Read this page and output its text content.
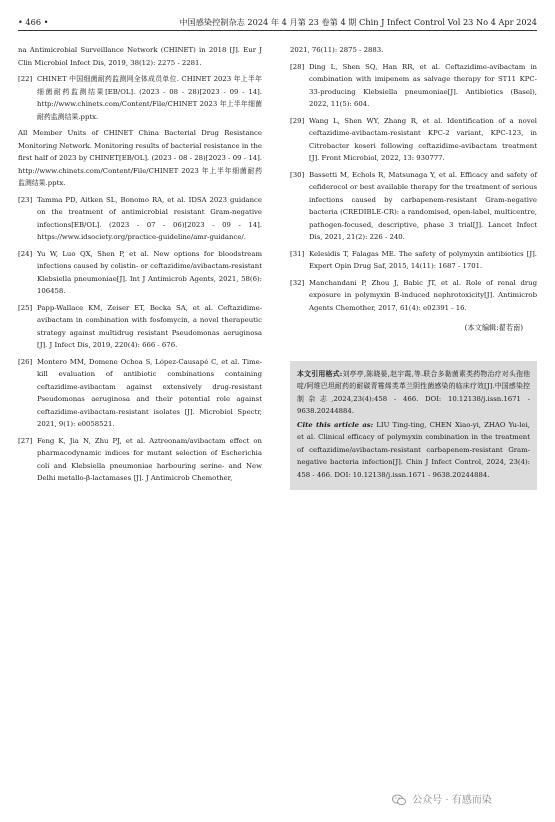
• 466 •	中国感染控制杂志 2024 年 4 月第 23 卷第 4 期 Chin J Infect Control Vol 23 No 4 Apr 2024
na Antimicrobial Surveillance Network (CHINET) in 2018 [J]. Eur J Clin Microbiol Infect Dis, 2019, 38(12): 2275 - 2281.
[22] CHINET 中国细菌耐药监测网全体成员单位. CHINET 2023 年上半年细菌耐药监测结果[EB/OL]. (2023 - 08 - 28)[2023 - 09 - 14]. http://www.chinets.com/Content/File/CHINET 2023 年上半年细菌耐药监测结果.pptx.
All Member Units of CHINET China Bacterial Drug Resistance Monitoring Network. Monitoring results of bacterial resistance in the first half of 2023 by CHINET[EB/OL]. (2023 - 08 - 28)[2023 - 09 - 14]. http://www.chinets.com/Content/File/CHINET 2023 年上半年细菌耐药监测结果.pptx.
[23] Tamma PD, Aitken SL, Bonomo RA, et al. IDSA 2023 guidance on the treatment of antimicrobial resistant Gram-negative infections[EB/OL]. (2023 - 07 - 06)[2023 - 09 - 14]. https://www.idsociety.org/practice-guideline/amr-guidance/.
[24] Yu W, Luo QX, Shen P, et al. New options for bloodstream infections caused by colistin- or ceftazidime/avibactam-resistant Klebsiella pneumoniae[J]. Int J Antimicrob Agents, 2021, 58(6): 106458.
[25] Papp-Wallace KM, Zeiser ET, Becka SA, et al. Ceftazidime-avibactam in combination with fosfomycin, a novel therapeutic strategy against multidrug resistant Pseudomonas aeruginosa [J]. J Infect Dis, 2019, 220(4): 666 - 676.
[26] Montero MM, Domene Ochoa S, López-Causapé C, et al. Time-kill evaluation of antibiotic combinations containing ceftazidime-avibactam against extensively drug-resistant Pseudomonas aeruginosa and their potential role against ceftazidime-avibactam-resistant isolates [J]. Microbiol Spectr, 2021, 9(1): e0058521.
[27] Feng K, Jia N, Zhu PJ, et al. Aztreonam/avibactam effect on pharmacodynamic indices for mutant selection of Escherichia coli and Klebsiella pneumoniae harbouring serine- and New Delhi metallo-β-lactamases [J]. J Antimicrob Chemother,

2021, 76(11): 2875 - 2883.

[28] Ding L, Shen SQ, Han RR, et al. Ceftazidime-avibactam in combination with imipenem as salvage therapy for ST11 KPC-33-producing Klebsiella pneumoniae[J]. Antibiotics (Basel), 2022, 11(5): 604.
[29] Wang L, Shen WY, Zhang R, et al. Identification of a novel ceftazidime-avibactam-resistant KPC-2 variant, KPC-123, in Citrobacter koseri following ceftazidime-avibactam treatment [J]. Front Microbiol, 2022, 13: 930777.
[30] Bassetti M, Echols R, Matsunaga Y, et al. Efficacy and safety of cefiderocol or best available therapy for the treatment of serious infections caused by carbapenem-resistant Gram-negative bacteria (CREDIBLE-CR): a randomised, open-label, multicentre, pathogen-focused, descriptive, phase 3 trial[J]. Lancet Infect Dis, 2021, 21(2): 226 - 240.
[31] Kelesidis T, Falagas ME. The safety of polymyxin antibiotics [J]. Expert Opin Drug Saf, 2015, 14(11): 1687 - 1701.
[32] Manchandani P, Zhou J, Babic JT, et al. Role of renal drug exposure in polymyxin B-induced nephrotoxicity[J]. Antimicrob Agents Chemother, 2017, 61(4): e02391 - 16.
(本文编辑:翟若南)

本文引用格式:刘亭亭,陈晓晏,赵宇霞,等.联合多黏菌素类药物治疗对头孢他啶/阿维巴坦耐药的耐碳青霉烯类革兰阴性菌感染的临床疗效[J].中国感染控制杂志,2024,23(4):458 - 466. DOI: 10.12138/j.issn.1671 - 9638.20244884.

Cite this article as: LIU Ting-ting, CHEN Xiao-yi, ZHAO Yu-lei, et al. Clinical efficacy of polymyxin combination in the treatment of ceftazidime/avibactam-resistant carbapenem-resistant Gram-negative bacteria infection[J]. Chin J Infect Control, 2024, 23(4): 458 - 466. DOI: 10.12138/j.issn.1671 - 9638.20244884.

公众号 · 有感而染
